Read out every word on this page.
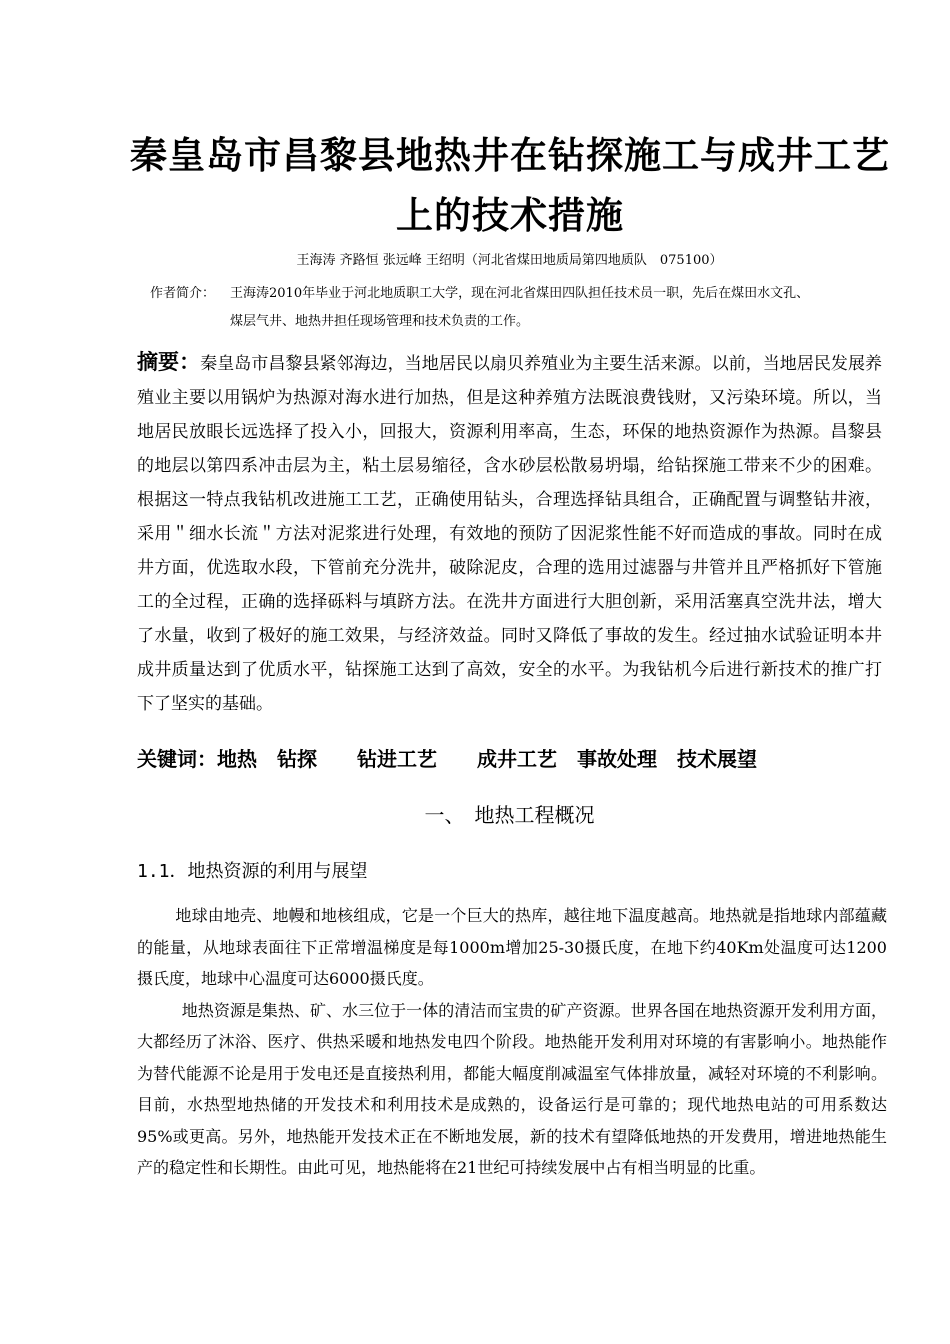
秦皇岛市昌黎县地热井在钻探施工与成井工艺上的技术措施
王海涛 齐路恒 张远峰 王绍明（河北省煤田地质局第四地质队　075100）
作者简介： 王海涛2010年毕业于河北地质职工大学，现在河北省煤田四队担任技术员一职，先后在煤田水文孔、
煤层气井、地热井担任现场管理和技术负责的工作。
摘要：秦皇岛市昌黎县紧邻海边，当地居民以扇贝养殖业为主要生活来源。以前，当地居民发展养殖业主要以用锅炉为热源对海水进行加热，但是这种养殖方法既浪费钱财，又污染环境。所以，当地居民放眼长远选择了投入小，回报大，资源利用率高，生态，环保的地热资源作为热源。昌黎县的地层以第四系冲击层为主，粘土层易缩径，含水砂层松散易坍塌，给钻探施工带来不少的困难。根据这一特点我钻机改进施工工艺，正确使用钻头，合理选择钻具组合，正确配置与调整钻井液，采用＂细水长流＂方法对泥浆进行处理，有效地的预防了因泥浆性能不好而造成的事故。同时在成井方面，优选取水段，下管前充分洗井，破除泥皮，合理的选用过滤器与井管并且严格抓好下管施工的全过程，正确的选择砾料与填跻方法。在洗井方面进行大胆创新，采用活塞真空洗井法，增大了水量，收到了极好的施工效果，与经济效益。同时又降低了事故的发生。经过抽水试验证明本井成井质量达到了优质水平，钻探施工达到了高效，安全的水平。为我钻机今后进行新技术的推广打下了坚实的基础。
关键词：地热　钻探　　钻进工艺　　成井工艺　事故处理　技术展望
一、　地热工程概况
1.1．地热资源的利用与展望

地球由地壳、地幔和地核组成，它是一个巨大的热库，越往地下温度越高。地热就是指地球内部蕴藏的能量，从地球表面往下正常增温梯度是每1000m增加25-30摄氏度，在地下约40Km处温度可达1200摄氏度，地球中心温度可达6000摄氏度。

地热资源是集热、矿、水三位于一体的清洁而宝贵的矿产资源。世界各国在地热资源开发利用方面，大都经历了沐浴、医疗、供热采暖和地热发电四个阶段。地热能开发利用对环境的有害影响小。地热能作为替代能源不论是用于发电还是直接热利用，都能大幅度削减温室气体排放量，减轻对环境的不利影响。目前，水热型地热储的开发技术和利用技术是成熟的，设备运行是可靠的；现代地热电站的可用系数达95%或更高。另外，地热能开发技术正在不断地发展，新的技术有望降低地热的开发费用，增进地热能生产的稳定性和长期性。由此可见，地热能将在21世纪可持续发展中占有相当明显的比重。
